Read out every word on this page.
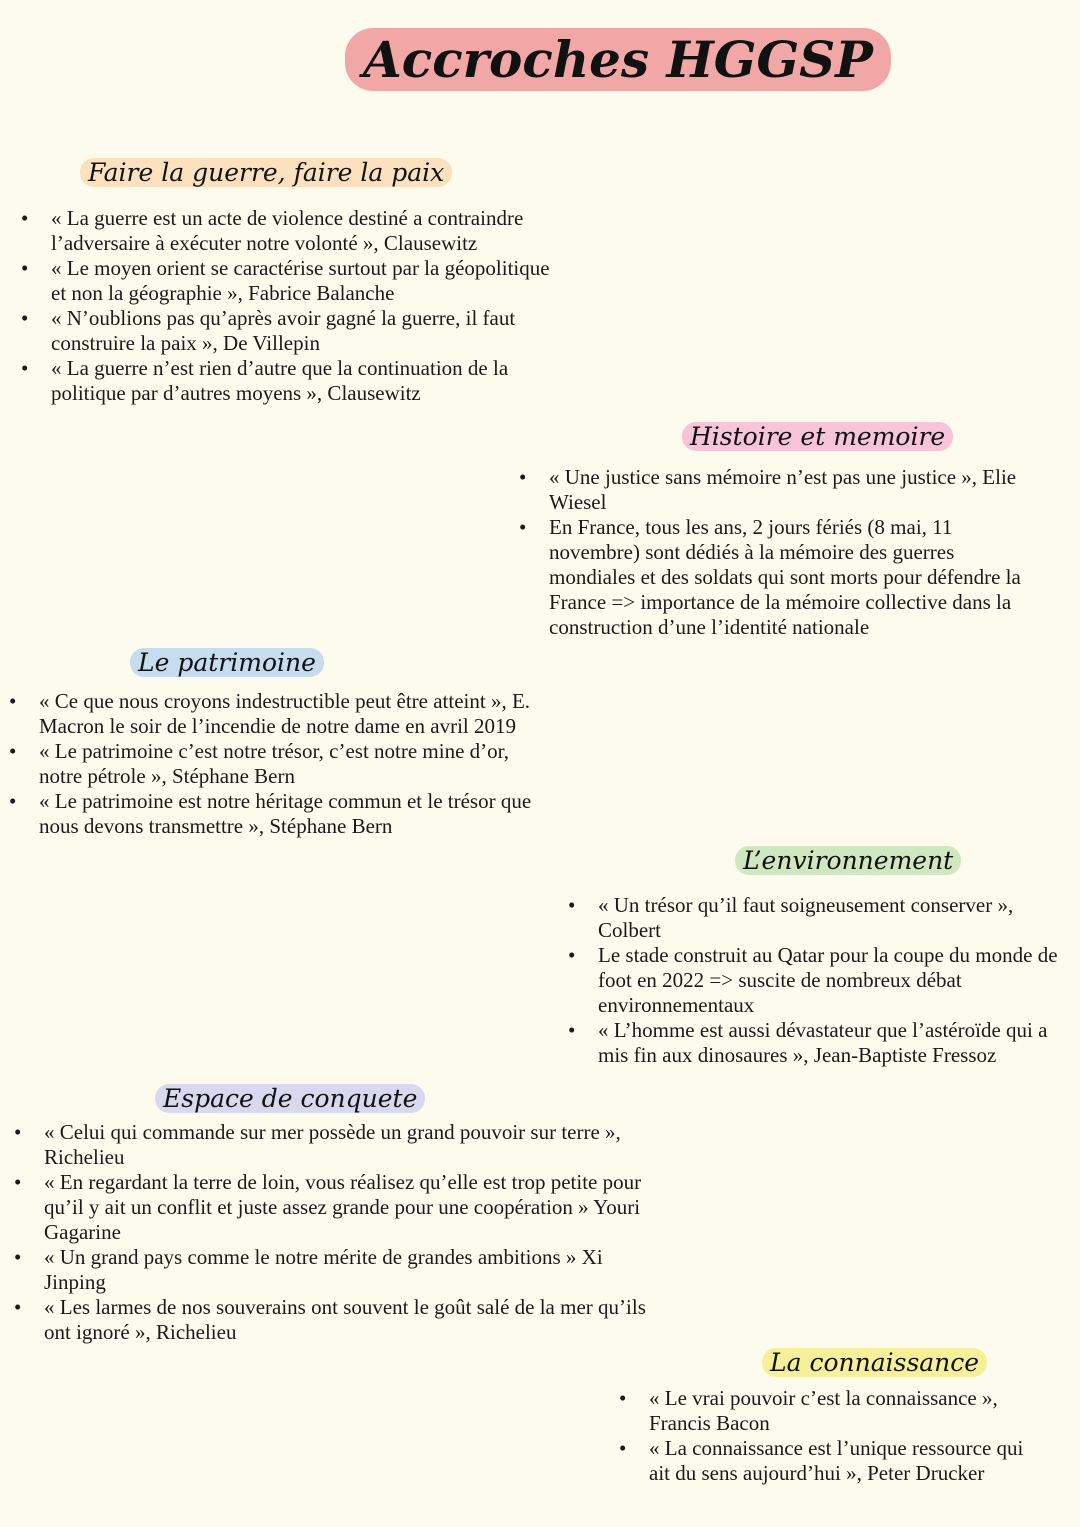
Accroches HGGSP
Faire la guerre, faire la paix
• « La guerre est un acte de violence destiné a contraindre l’adversaire à exécuter notre volonté », Clausewitz
• « Le moyen orient se caractérise surtout par la géopolitique et non la géographie », Fabrice Balanche
• « N’oublions pas qu’après avoir gagné la guerre, il faut construire la paix », De Villepin
• « La guerre n’est rien d’autre que la continuation de la politique par d’autres moyens », Clausewitz
Histoire et memoire
• « Une justice sans mémoire n’est pas une justice », Elie Wiesel
• En France, tous les ans, 2 jours fériés (8 mai, 11 novembre) sont dédiés à la mémoire des guerres mondiales et des soldats qui sont morts pour défendre la France => importance de la mémoire collective dans la construction d’une l’identité nationale
Le patrimoine
• « Ce que nous croyons indestructible peut être atteint », E. Macron le soir de l’incendie de notre dame en avril 2019
• « Le patrimoine c’est notre trésor, c’est notre mine d’or, notre pétrole », Stéphane Bern
• « Le patrimoine est notre héritage commun et le trésor que nous devons transmettre », Stéphane Bern
L’environnement
• « Un trésor qu’il faut soigneusement conserver », Colbert
• Le stade construit au Qatar pour la coupe du monde de foot en 2022 => suscite de nombreux débat environnementaux
• « L’homme est aussi dévastateur que l’astéroïde qui a mis fin aux dinosaures », Jean-Baptiste Fressoz
Espace de conquete
• « Celui qui commande sur mer possède un grand pouvoir sur terre », Richelieu
• « En regardant la terre de loin, vous réalisez qu’elle est trop petite pour qu’il y ait un conflit et juste assez grande pour une coopération » Youri Gagarine
• « Un grand pays comme le notre mérite de grandes ambitions » Xi Jinping
• « Les larmes de nos souverains ont souvent le goût salé de la mer qu’ils ont ignoré », Richelieu
La connaissance
• « Le vrai pouvoir c’est la connaissance », Francis Bacon
• « La connaissance est l’unique ressource qui ait du sens aujourd’hui », Peter Drucker
